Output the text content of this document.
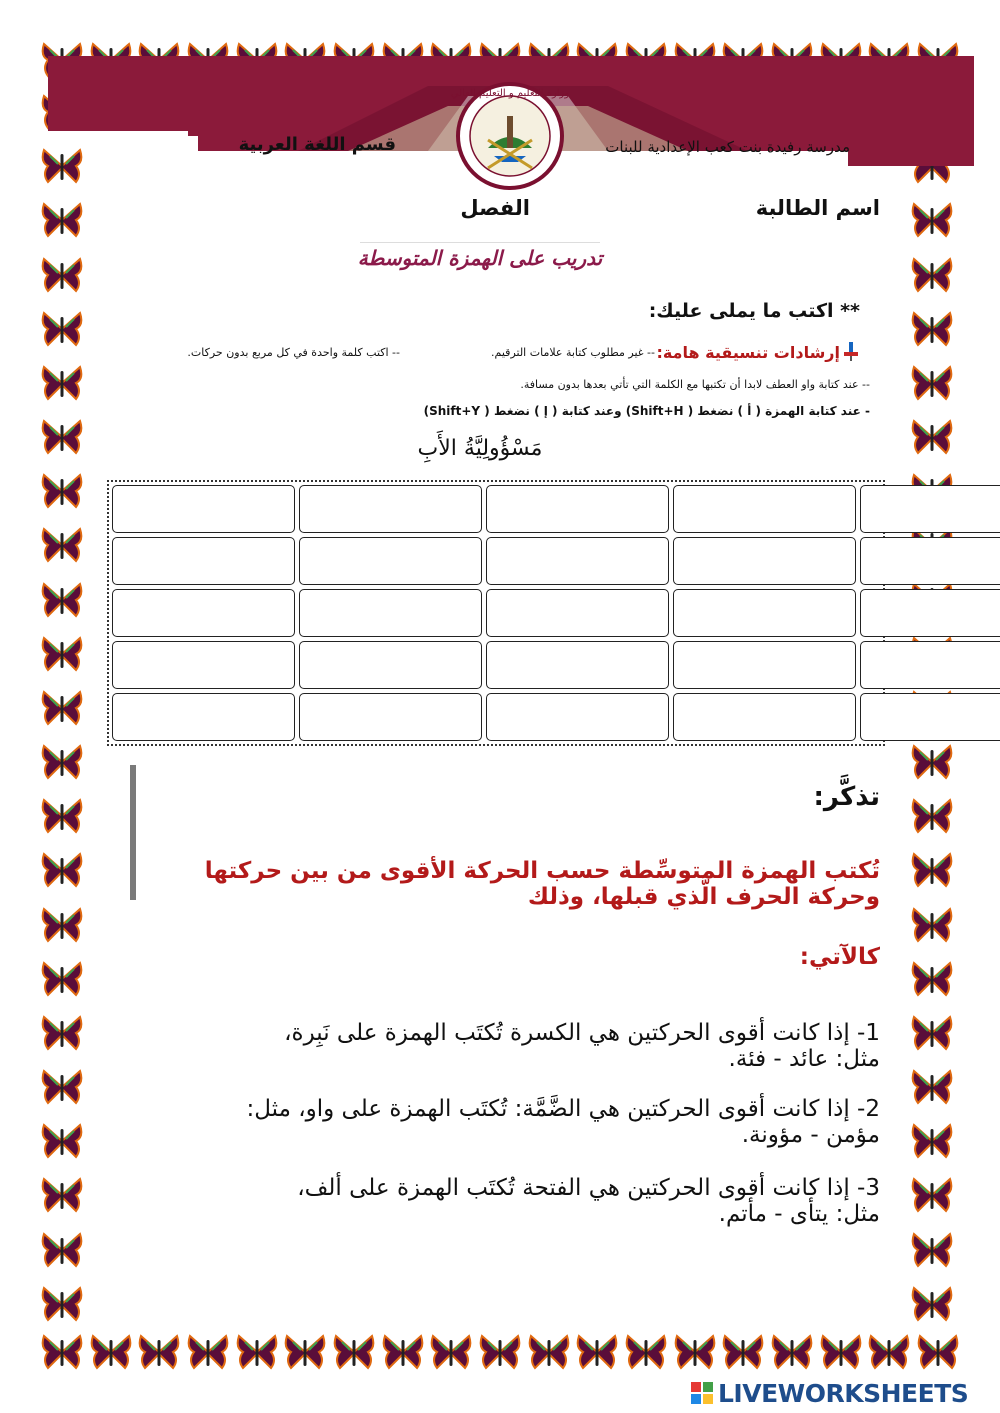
وزارة التعليم و التعليم العالي
مدرسة رفيدة بنت كعب الإعدادية للبنات
قسم اللغة العربية
اسم الطالبة
الفصل
تدريب على الهمزة المتوسطة
** اكتب ما يملى عليك:
إرشادات تنسيقية هامة:
-- غير مطلوب كتابة علامات الترقيم.
-- اكتب كلمة واحدة في كل مربع بدون حركات.
-- عند كتابة واو العطف لابدا أن تكتبها مع الكلمة التي تأتي بعدها بدون مسافة.
- عند كتابة الهمزة ( أ ) نضغط ( Shift+H) وعند كتابة ( إ ) نضغط ( Shift+Y)
مَسْؤُولِيَّةُ الأَبِ
تذكَّر:
تُكتب الهمزة المتوسِّطة حسب الحركة الأقوى من بين حركتها وحركة الحرف الَّذي قبلها، وذلك
كالآتي:
1- إذا كانت أقوى الحركتين هي الكسرة تُكتَب الهمزة على نَبِرة، مثل: عائد - فئة.
2- إذا كانت أقوى الحركتين هي الضَّمَّة: تُكتَب الهمزة على واو، مثل: مؤمن - مؤونة.
3- إذا كانت أقوى الحركتين هي الفتحة تُكتَب الهمزة على ألف، مثل: يتأى - مأتم.
LIVEWORKSHEETS
